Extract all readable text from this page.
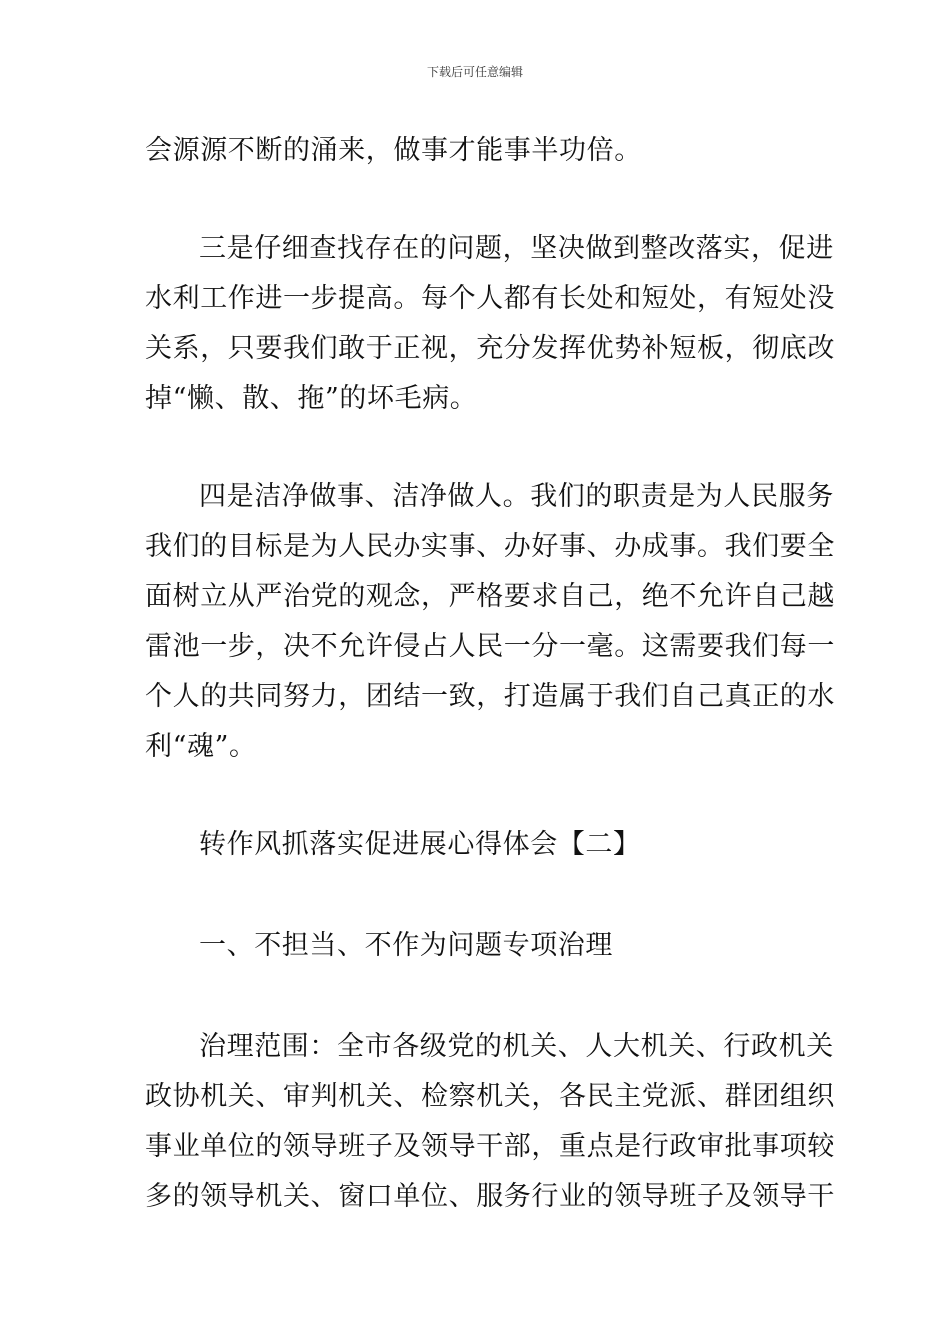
下载后可任意编辑
会源源不断的涌来，做事才能事半功倍。
三是仔细查找存在的问题，坚决做到整改落实，促进
水利工作进一步提高。每个人都有长处和短处，有短处没
关系，只要我们敢于正视，充分发挥优势补短板，彻底改
掉“懒、散、拖”的坏毛病。
四是洁净做事、洁净做人。我们的职责是为人民服务
我们的目标是为人民办实事、办好事、办成事。我们要全
面树立从严治党的观念，严格要求自己，绝不允许自己越
雷池一步，决不允许侵占人民一分一毫。这需要我们每一
个人的共同努力，团结一致，打造属于我们自己真正的水
利“魂”。
转作风抓落实促进展心得体会【二】
一、不担当、不作为问题专项治理
治理范围：全市各级党的机关、人大机关、行政机关
政协机关、审判机关、检察机关，各民主党派、群团组织
事业单位的领导班子及领导干部，重点是行政审批事项较
多的领导机关、窗口单位、服务行业的领导班子及领导干
